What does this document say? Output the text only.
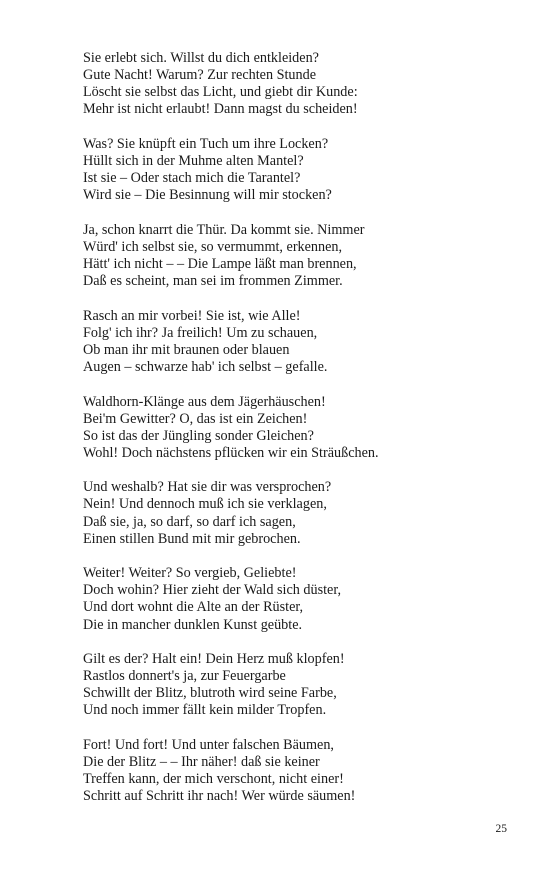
Sie erlebt sich. Willst du dich entkleiden?
Gute Nacht! Warum? Zur rechten Stunde
Löscht sie selbst das Licht, und giebt dir Kunde:
Mehr ist nicht erlaubt! Dann magst du scheiden!
Was? Sie knüpft ein Tuch um ihre Locken?
Hüllt sich in der Muhme alten Mantel?
Ist sie – Oder stach mich die Tarantel?
Wird sie – Die Besinnung will mir stocken?
Ja, schon knarrt die Thür. Da kommt sie. Nimmer
Würd' ich selbst sie, so vermummt, erkennen,
Hätt' ich nicht – – Die Lampe läßt man brennen,
Daß es scheint, man sei im frommen Zimmer.
Rasch an mir vorbei! Sie ist, wie Alle!
Folg' ich ihr? Ja freilich! Um zu schauen,
Ob man ihr mit braunen oder blauen
Augen – schwarze hab' ich selbst – gefalle.
Waldhorn-Klänge aus dem Jägerhäuschen!
Bei'm Gewitter? O, das ist ein Zeichen!
So ist das der Jüngling sonder Gleichen?
Wohl! Doch nächstens pflücken wir ein Sträußchen.
Und weshalb? Hat sie dir was versprochen?
Nein! Und dennoch muß ich sie verklagen,
Daß sie, ja, so darf, so darf ich sagen,
Einen stillen Bund mit mir gebrochen.
Weiter! Weiter? So vergieb, Geliebte!
Doch wohin? Hier zieht der Wald sich düster,
Und dort wohnt die Alte an der Rüster,
Die in mancher dunklen Kunst geübte.
Gilt es der? Halt ein! Dein Herz muß klopfen!
Rastlos donnert's ja, zur Feuergarbe
Schwillt der Blitz, blutroth wird seine Farbe,
Und noch immer fällt kein milder Tropfen.
Fort! Und fort! Und unter falschen Bäumen,
Die der Blitz – – Ihr näher! daß sie keiner
Treffen kann, der mich verschont, nicht einer!
Schritt auf Schritt ihr nach! Wer würde säumen!
25
